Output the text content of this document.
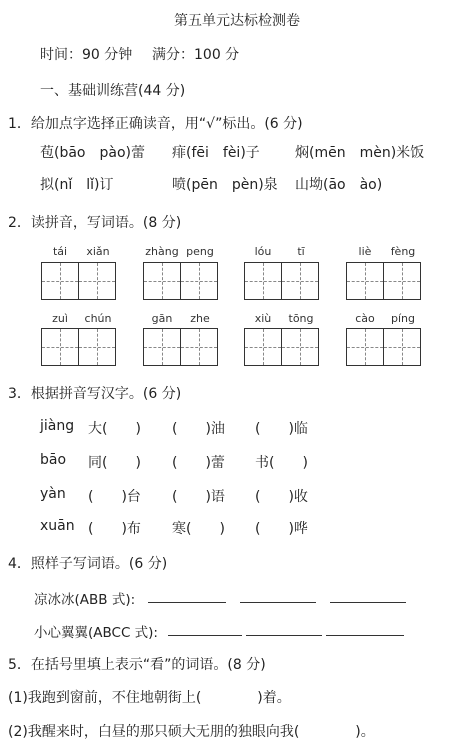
第五单元达标检测卷
时间：90 分钟 满分：100 分
一、基础训练营(44 分)
1．给加点字选择正确读音，用“√”标出。(6 分)
苞(bāo　pào)蕾 痱(fēi　fèi)子	焖(mēn　mèn)米饭
拟(nǐ　lǐ)订	喷(pēn　pèn)泉 山坳(āo　ào)
2．读拼音，写词语。(8 分)
tái	xiǎn	zhàng peng	lóu	tī	liè	fèng
zuì	chún	gān	zhe	xiù	tōng	cào	píng
3．根据拼音写汉字。(6 分)
jiàng 大(　　) (　　)油 (　　)临
bāo 同(　　) (　　)蕾 书(　　)
yàn (　　)台 (　　)语 (　　)收
xuān (　　)布 寒(　　) (　　)哗
4．照样子写词语。(6 分)
凉冰冰(ABB 式):
小心翼翼(ABCC 式):
5．在括号里填上表示“看”的词语。(8 分)
(1)我跑到窗前，不住地朝街上(　　　　)着。
(2)我醒来时，白昼的那只硕大无朋的独眼向我(　　　　)。
